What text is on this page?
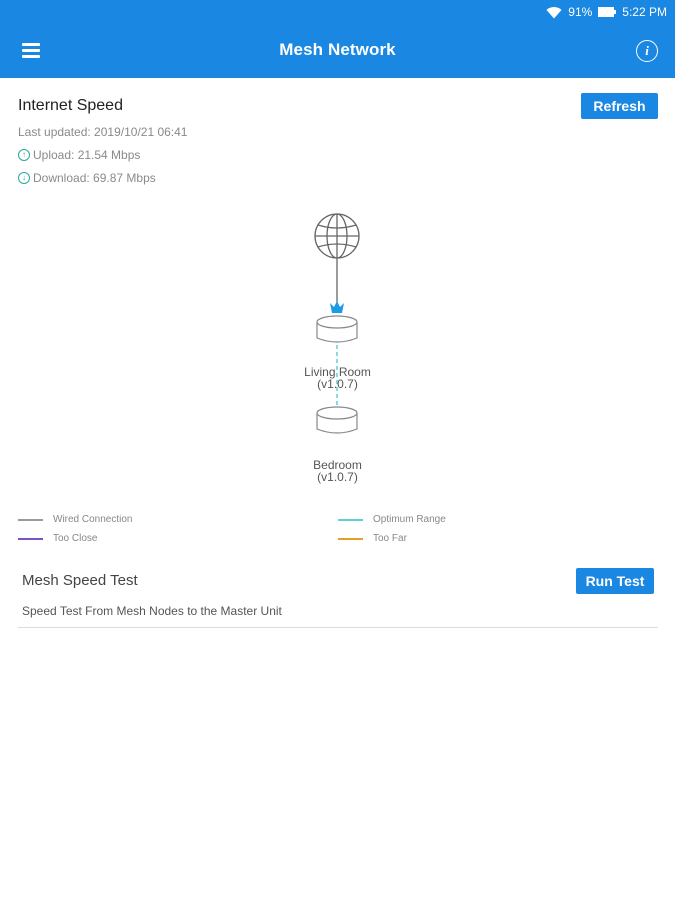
91%	5:22 PM
Mesh Network	i
Internet Speed	Refresh
Last updated: 2019/10/21 06:41
↑ Upload: 21.54 Mbps
↓ Download: 69.87 Mbps
Living Room
(v1.0.7)
Bedroom
(v1.0.7)
Wired Connection	Optimum Range
Too Close	Too Far
Mesh Speed Test	Run Test
Speed Test From Mesh Nodes to the Master Unit
